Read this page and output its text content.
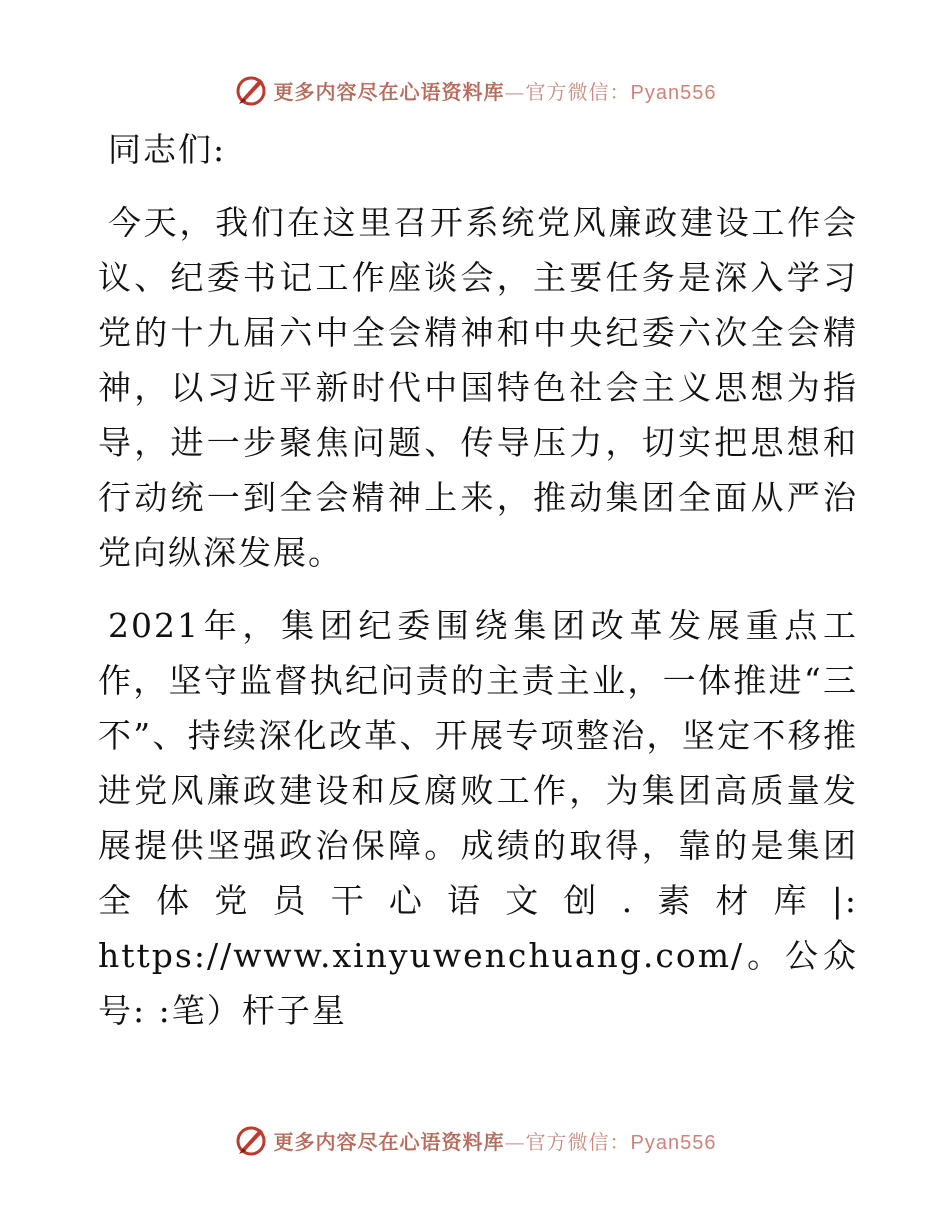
更多内容尽在心语资料库—官方微信：Pyan556

同志们:

今天，我们在这里召开系统党风廉政建设工作会议、纪委书记工作座谈会，主要任务是深入学习党的十九届六中全会精神和中央纪委六次全会精神，以习近平新时代中国特色社会主义思想为指导，进一步聚焦问题、传导压力，切实把思想和行动统一到全会精神上来，推动集团全面从严治党向纵深发展。

2021年，集团纪委围绕集团改革发展重点工作，坚守监督执纪问责的主责主业，一体推进“三不”、持续深化改革、开展专项整治，坚定不移推进党风廉政建设和反腐败工作，为集团高质量发展提供坚强政治保障。成绩的取得，靠的是集团全体党员干心语文创.素材库|: https://www.xinyuwenchuang.com/。公众号: :笔）杆子星

更多内容尽在心语资料库—官方微信：Pyan556
